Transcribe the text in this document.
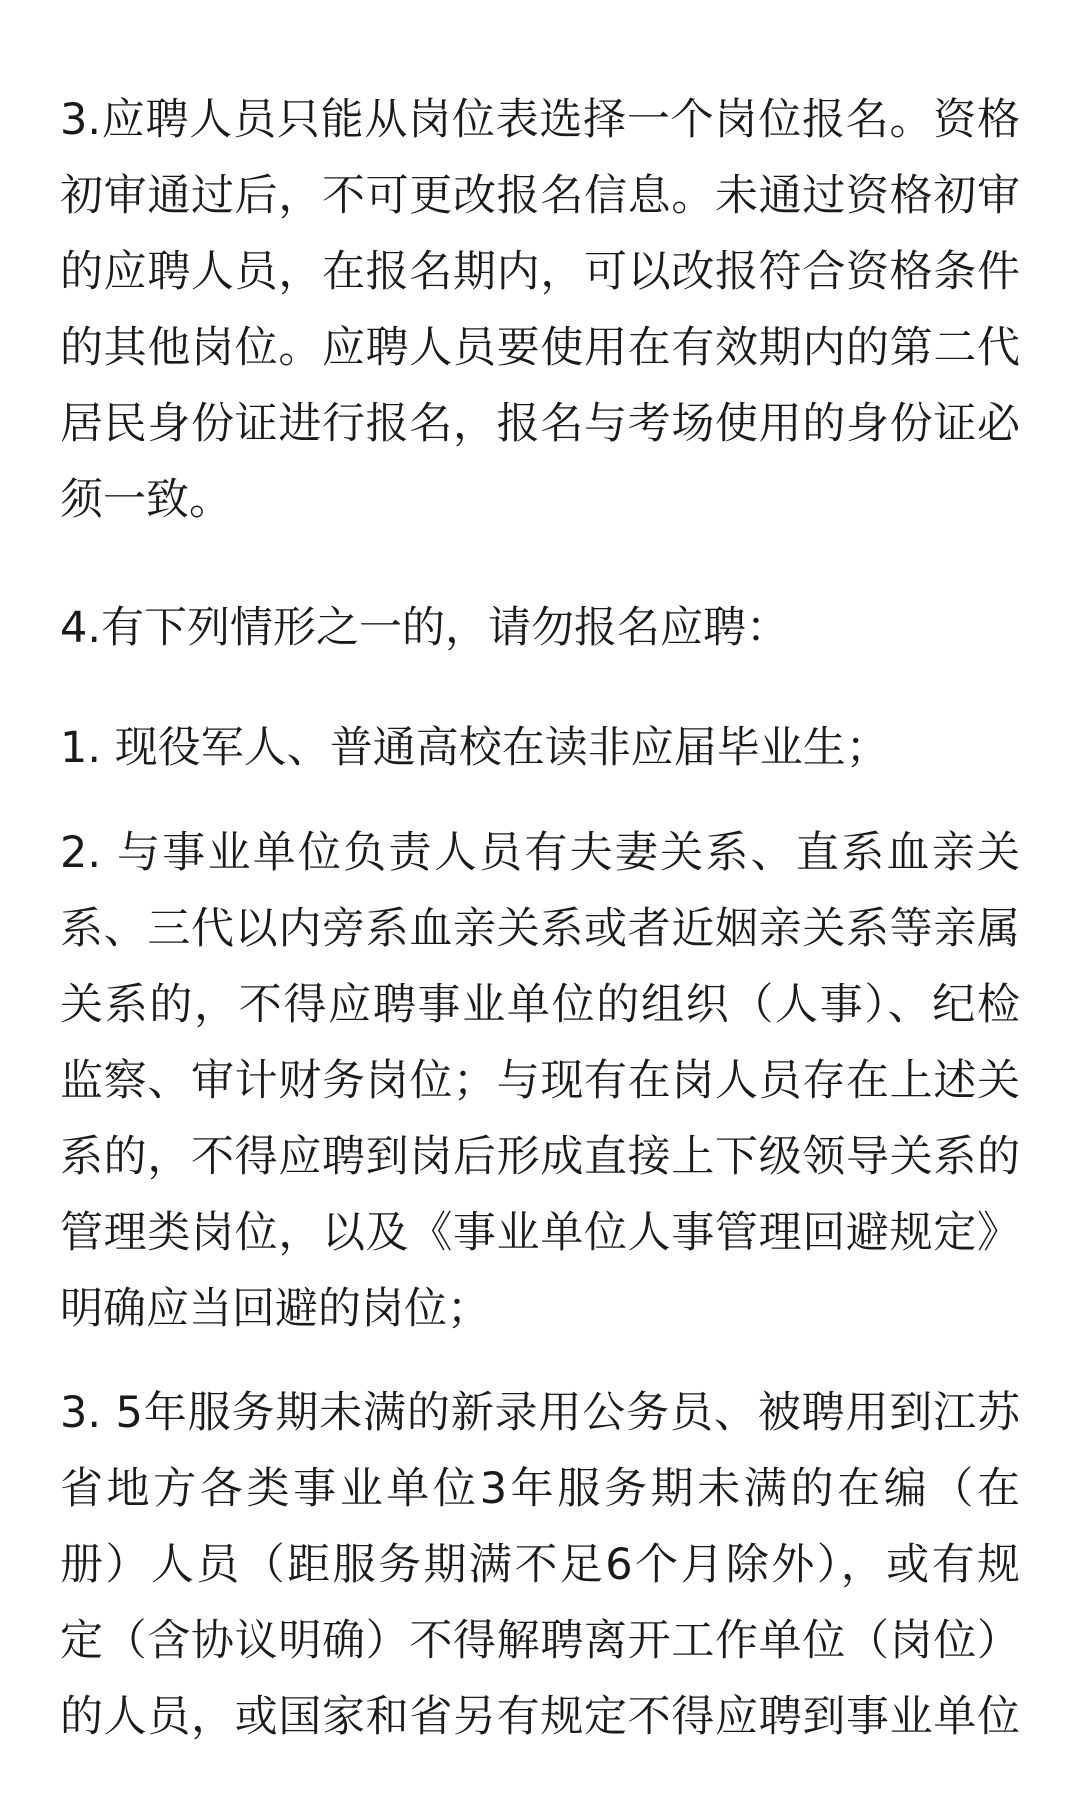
3.应聘人员只能从岗位表选择一个岗位报名。资格
初审通过后，不可更改报名信息。未通过资格初审
的应聘人员，在报名期内，可以改报符合资格条件
的其他岗位。应聘人员要使用在有效期内的第二代
居民身份证进行报名，报名与考场使用的身份证必
须一致。
4.有下列情形之一的，请勿报名应聘：
1. 现役军人、普通高校在读非应届毕业生；
2. 与事业单位负责人员有夫妻关系、直系血亲关
系、三代以内旁系血亲关系或者近姻亲关系等亲属
关系的，不得应聘事业单位的组织（人事）、纪检
监察、审计财务岗位；与现有在岗人员存在上述关
系的，不得应聘到岗后形成直接上下级领导关系的
管理类岗位，以及《事业单位人事管理回避规定》
明确应当回避的岗位；
3. 5年服务期未满的新录用公务员、被聘用到江苏
省地方各类事业单位3年服务期未满的在编（在
册）人员（距服务期满不足6个月除外），或有规
定（含协议明确）不得解聘离开工作单位（岗位）
的人员，或国家和省另有规定不得应聘到事业单位
